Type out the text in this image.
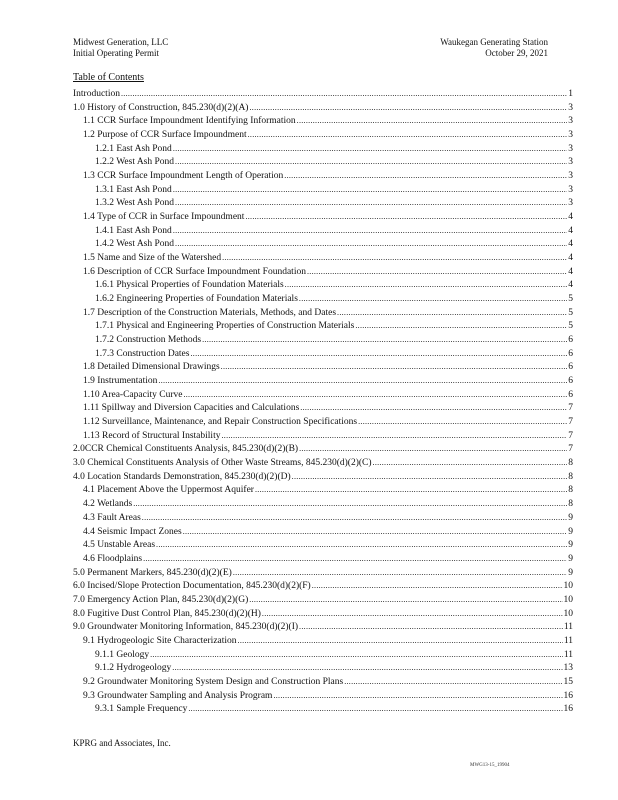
Midwest Generation, LLC
Initial Operating Permit
Waukegan Generating Station
October 29, 2021
Table of Contents
Introduction .....	1
1.0 History of Construction, 845.230(d)(2)(A) .....	3
1.1 CCR Surface Impoundment Identifying Information .....	3
1.2 Purpose of CCR Surface Impoundment .....	3
1.2.1 East Ash Pond .....	3
1.2.2 West Ash Pond .....	3
1.3 CCR Surface Impoundment Length of Operation .....	3
1.3.1 East Ash Pond .....	3
1.3.2 West Ash Pond .....	3
1.4 Type of CCR in Surface Impoundment .....	4
1.4.1 East Ash Pond .....	4
1.4.2 West Ash Pond .....	4
1.5 Name and Size of the Watershed .....	4
1.6 Description of CCR Surface Impoundment Foundation .....	4
1.6.1 Physical Properties of Foundation Materials .....	4
1.6.2 Engineering Properties of Foundation Materials .....	5
1.7 Description of the Construction Materials, Methods, and Dates .....	5
1.7.1 Physical and Engineering Properties of Construction Materials .....	5
1.7.2 Construction Methods .....	6
1.7.3 Construction Dates .....	6
1.8 Detailed Dimensional Drawings .....	6
1.9 Instrumentation .....	6
1.10 Area-Capacity Curve .....	6
1.11 Spillway and Diversion Capacities and Calculations .....	7
1.12 Surveillance, Maintenance, and Repair Construction Specifications .....	7
1.13 Record of Structural Instability .....	7
2.0CCR Chemical Constituents Analysis, 845.230(d)(2)(B) .....	7
3.0 Chemical Constituents Analysis of Other Waste Streams, 845.230(d)(2)(C) .....	8
4.0 Location Standards Demonstration, 845.230(d)(2)(D) .....	8
4.1 Placement Above the Uppermost Aquifer .....	8
4.2 Wetlands .....	8
4.3 Fault Areas .....	9
4.4 Seismic Impact Zones .....	9
4.5 Unstable Areas .....	9
4.6 Floodplains .....	9
5.0 Permanent Markers, 845.230(d)(2)(E) .....	9
6.0 Incised/Slope Protection Documentation, 845.230(d)(2)(F) .....	10
7.0 Emergency Action Plan, 845.230(d)(2)(G) .....	10
8.0 Fugitive Dust Control Plan, 845.230(d)(2)(H) .....	10
9.0 Groundwater Monitoring Information, 845.230(d)(2)(I) .....	11
9.1 Hydrogeologic Site Characterization .....	11
9.1.1 Geology .....	11
9.1.2 Hydrogeology .....	13
9.2 Groundwater Monitoring System Design and Construction Plans .....	15
9.3 Groundwater Sampling and Analysis Program .....	16
9.3.1 Sample Frequency .....	16
KPRG and Associates, Inc.
MWG13-15_19904
